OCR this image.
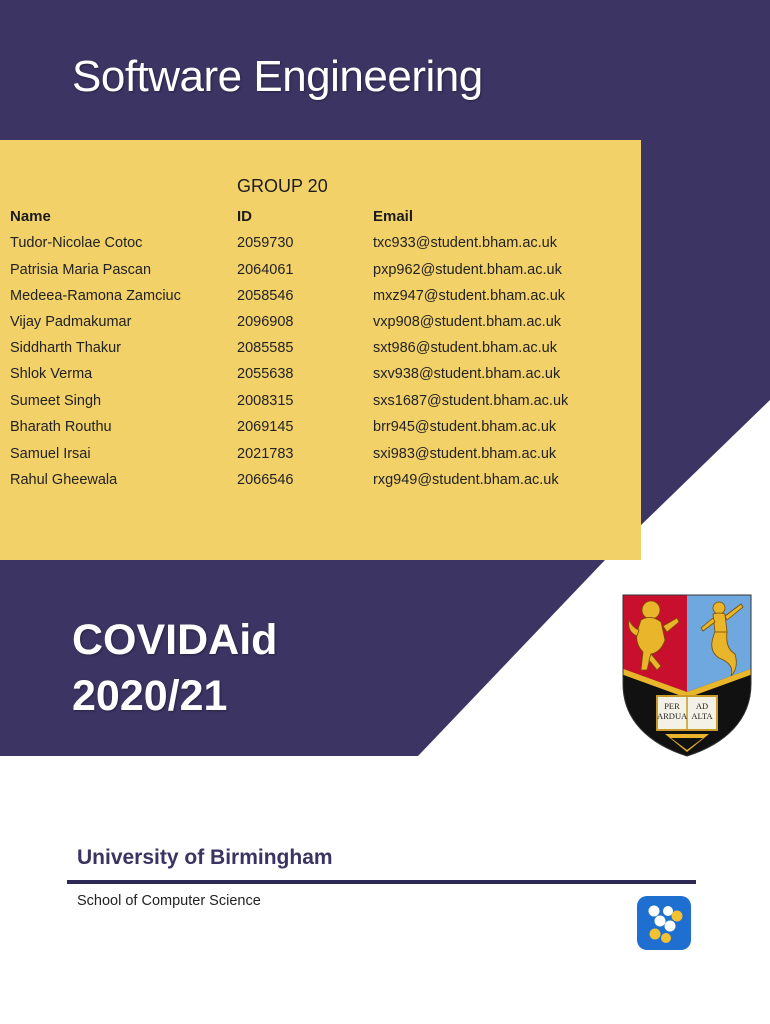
Software Engineering
GROUP 20
Name	ID	Email
Tudor-Nicolae Cotoc	2059730	txc933@student.bham.ac.uk
Patrisia Maria Pascan	2064061	pxp962@student.bham.ac.uk
Medeea-Ramona Zamciuc	2058546	mxz947@student.bham.ac.uk
Vijay Padmakumar	2096908	vxp908@student.bham.ac.uk
Siddharth Thakur	2085585	sxt986@student.bham.ac.uk
Shlok Verma	2055638	sxv938@student.bham.ac.uk
Sumeet Singh	2008315	sxs1687@student.bham.ac.uk
Bharath Routhu	2069145	brr945@student.bham.ac.uk
Samuel Irsai	2021783	sxi983@student.bham.ac.uk
Rahul Gheewala	2066546	rxg949@student.bham.ac.uk
COVIDAid
2020/21	PER ARDUA
AD ALTA
University of Birmingham
School of Computer Science
